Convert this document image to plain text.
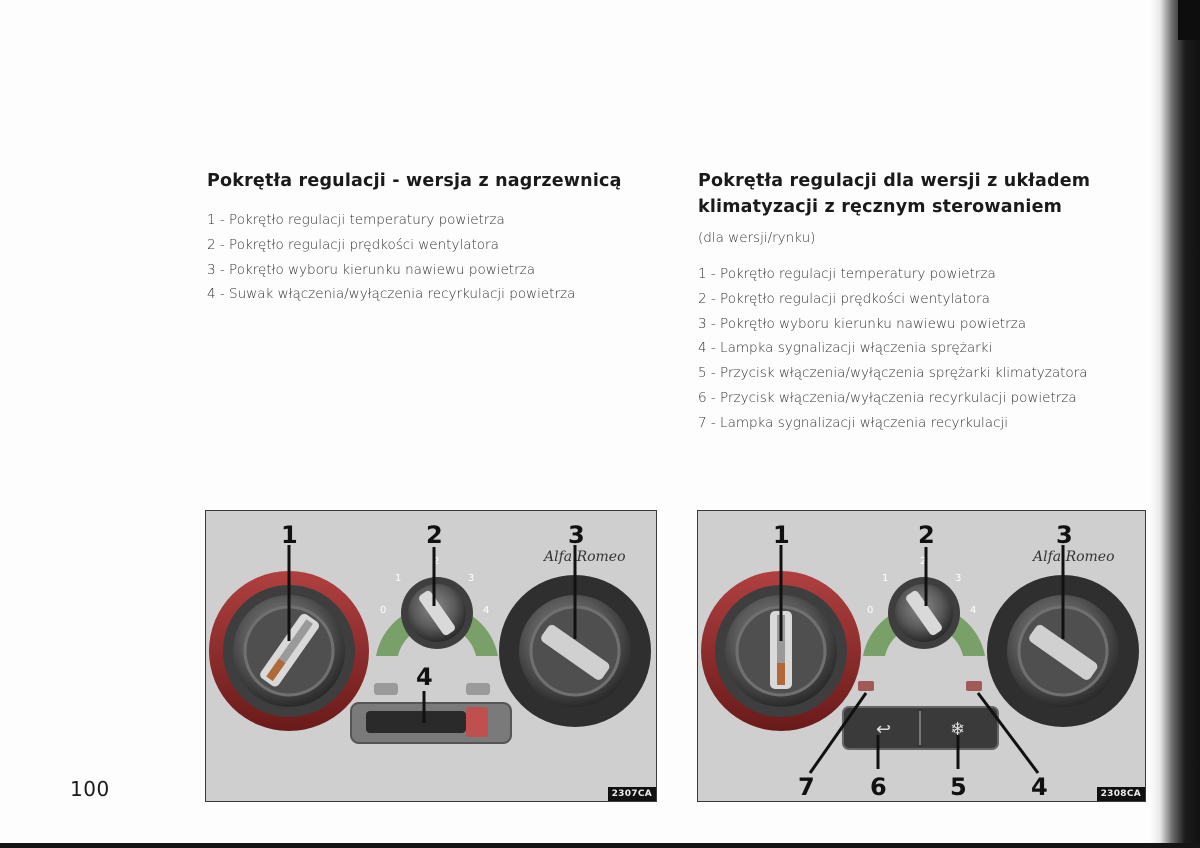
Pokrętła regulacji - wersja z nagrzewnicą
1 - Pokrętło regulacji temperatury powietrza
2 - Pokrętło regulacji prędkości wentylatora
3 - Pokrętło wyboru kierunku nawiewu powietrza
4 - Suwak włączenia/wyłączenia recyrkulacji powietrza
Pokrętła regulacji dla wersji z układem
klimatyzacji z ręcznym sterowaniem
(dla wersji/rynku)
1 - Pokrętło regulacji temperatury powietrza
2 - Pokrętło regulacji prędkości wentylatora
3 - Pokrętło wyboru kierunku nawiewu powietrza
4 - Lampka sygnalizacji włączenia sprężarki
5 - Przycisk włączenia/wyłączenia sprężarki klimatyzatora
6 - Przycisk włączenia/wyłączenia recyrkulacji powietrza
7 - Lampka sygnalizacji włączenia recyrkulacji
0
1
2
3
4
Alfa Romeo
1	2	3
4
2307CA
0
1
2
3
4
↩	❄
Alfa Romeo
1	2	3
7 6	5	4	2308CA
100
